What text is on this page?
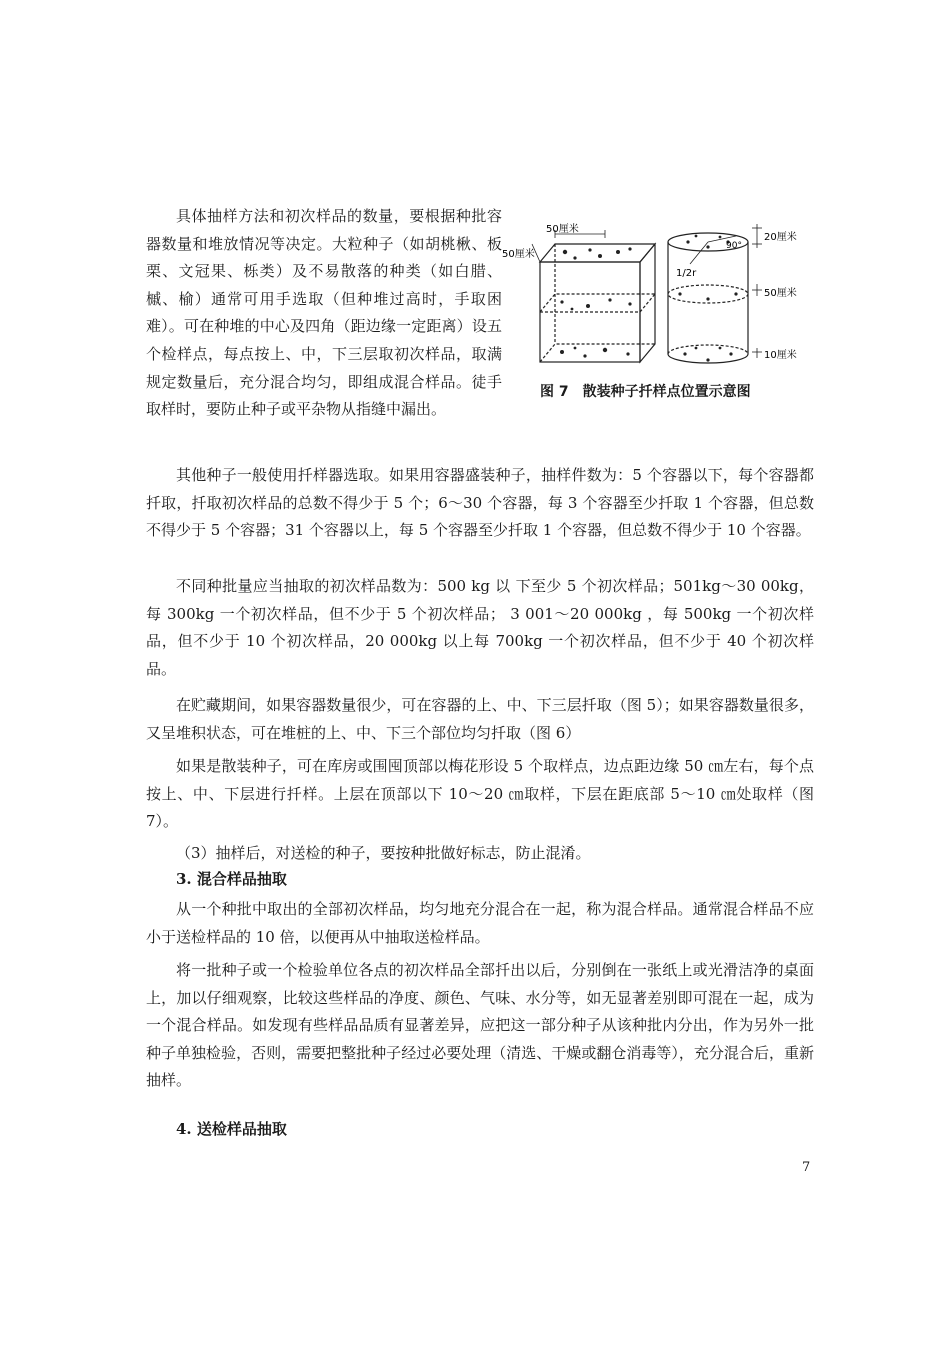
具体抽样方法和初次样品的数量，要根据种批容器数量和堆放情况等决定。大粒种子（如胡桃楸、板栗、文冠果、栎类）及不易散落的种类（如白腊、槭、榆）通常可用手选取（但种堆过高时，手取困难）。可在种堆的中心及四角（距边缘一定距离）设五个检样点，每点按上、中，下三层取初次样品，取满规定数量后，充分混合均匀，即组成混合样品。徒手取样时，要防止种子或平杂物从指缝中漏出。

50厘米
50厘米
90°
1/2r
20厘米
50厘米
10厘米
图 7 散装种子扦样点位置示意图

其他种子一般使用扦样器选取。如果用容器盛装种子，抽样件数为：5 个容器以下，每个容器都扦取，扦取初次样品的总数不得少于 5 个；6～30 个容器，每 3 个容器至少扦取 1 个容器，但总数不得少于 5 个容器；31 个容器以上，每 5 个容器至少扦取 1 个容器，但总数不得少于 10 个容器。

不同种批量应当抽取的初次样品数为：500 kg 以 下至少 5 个初次样品；501kg～30 00kg，每 300kg 一个初次样品，但不少于 5 个初次样品； 3 001～20 000kg ，每 500kg 一个初次样品，但不少于 10 个初次样品，20 000kg 以上每 700kg 一个初次样品，但不少于 40 个初次样品。

在贮藏期间，如果容器数量很少，可在容器的上、中、下三层扦取（图 5）；如果容器数量很多，又呈堆积状态，可在堆桩的上、中、下三个部位均匀扦取（图 6）

如果是散装种子，可在库房或围囤顶部以梅花形设 5 个取样点，边点距边缘 50 ㎝左右，每个点按上、中、下层进行扦样。上层在顶部以下 10～20 ㎝取样，下层在距底部 5～10 ㎝处取样（图 7）。

（3）抽样后，对送检的种子，要按种批做好标志，防止混淆。

3. 混合样品抽取

从一个种批中取出的全部初次样品，均匀地充分混合在一起，称为混合样品。通常混合样品不应小于送检样品的 10 倍，以便再从中抽取送检样品。

将一批种子或一个检验单位各点的初次样品全部扦出以后，分别倒在一张纸上或光滑洁净的桌面上，加以仔细观察，比较这些样品的净度、颜色、气味、水分等，如无显著差别即可混在一起，成为一个混合样品。如发现有些样品品质有显著差异，应把这一部分种子从该种批内分出，作为另外一批种子单独检验，否则，需要把整批种子经过必要处理（清选、干燥或翻仓消毒等），充分混合后，重新抽样。

4. 送检样品抽取

7
